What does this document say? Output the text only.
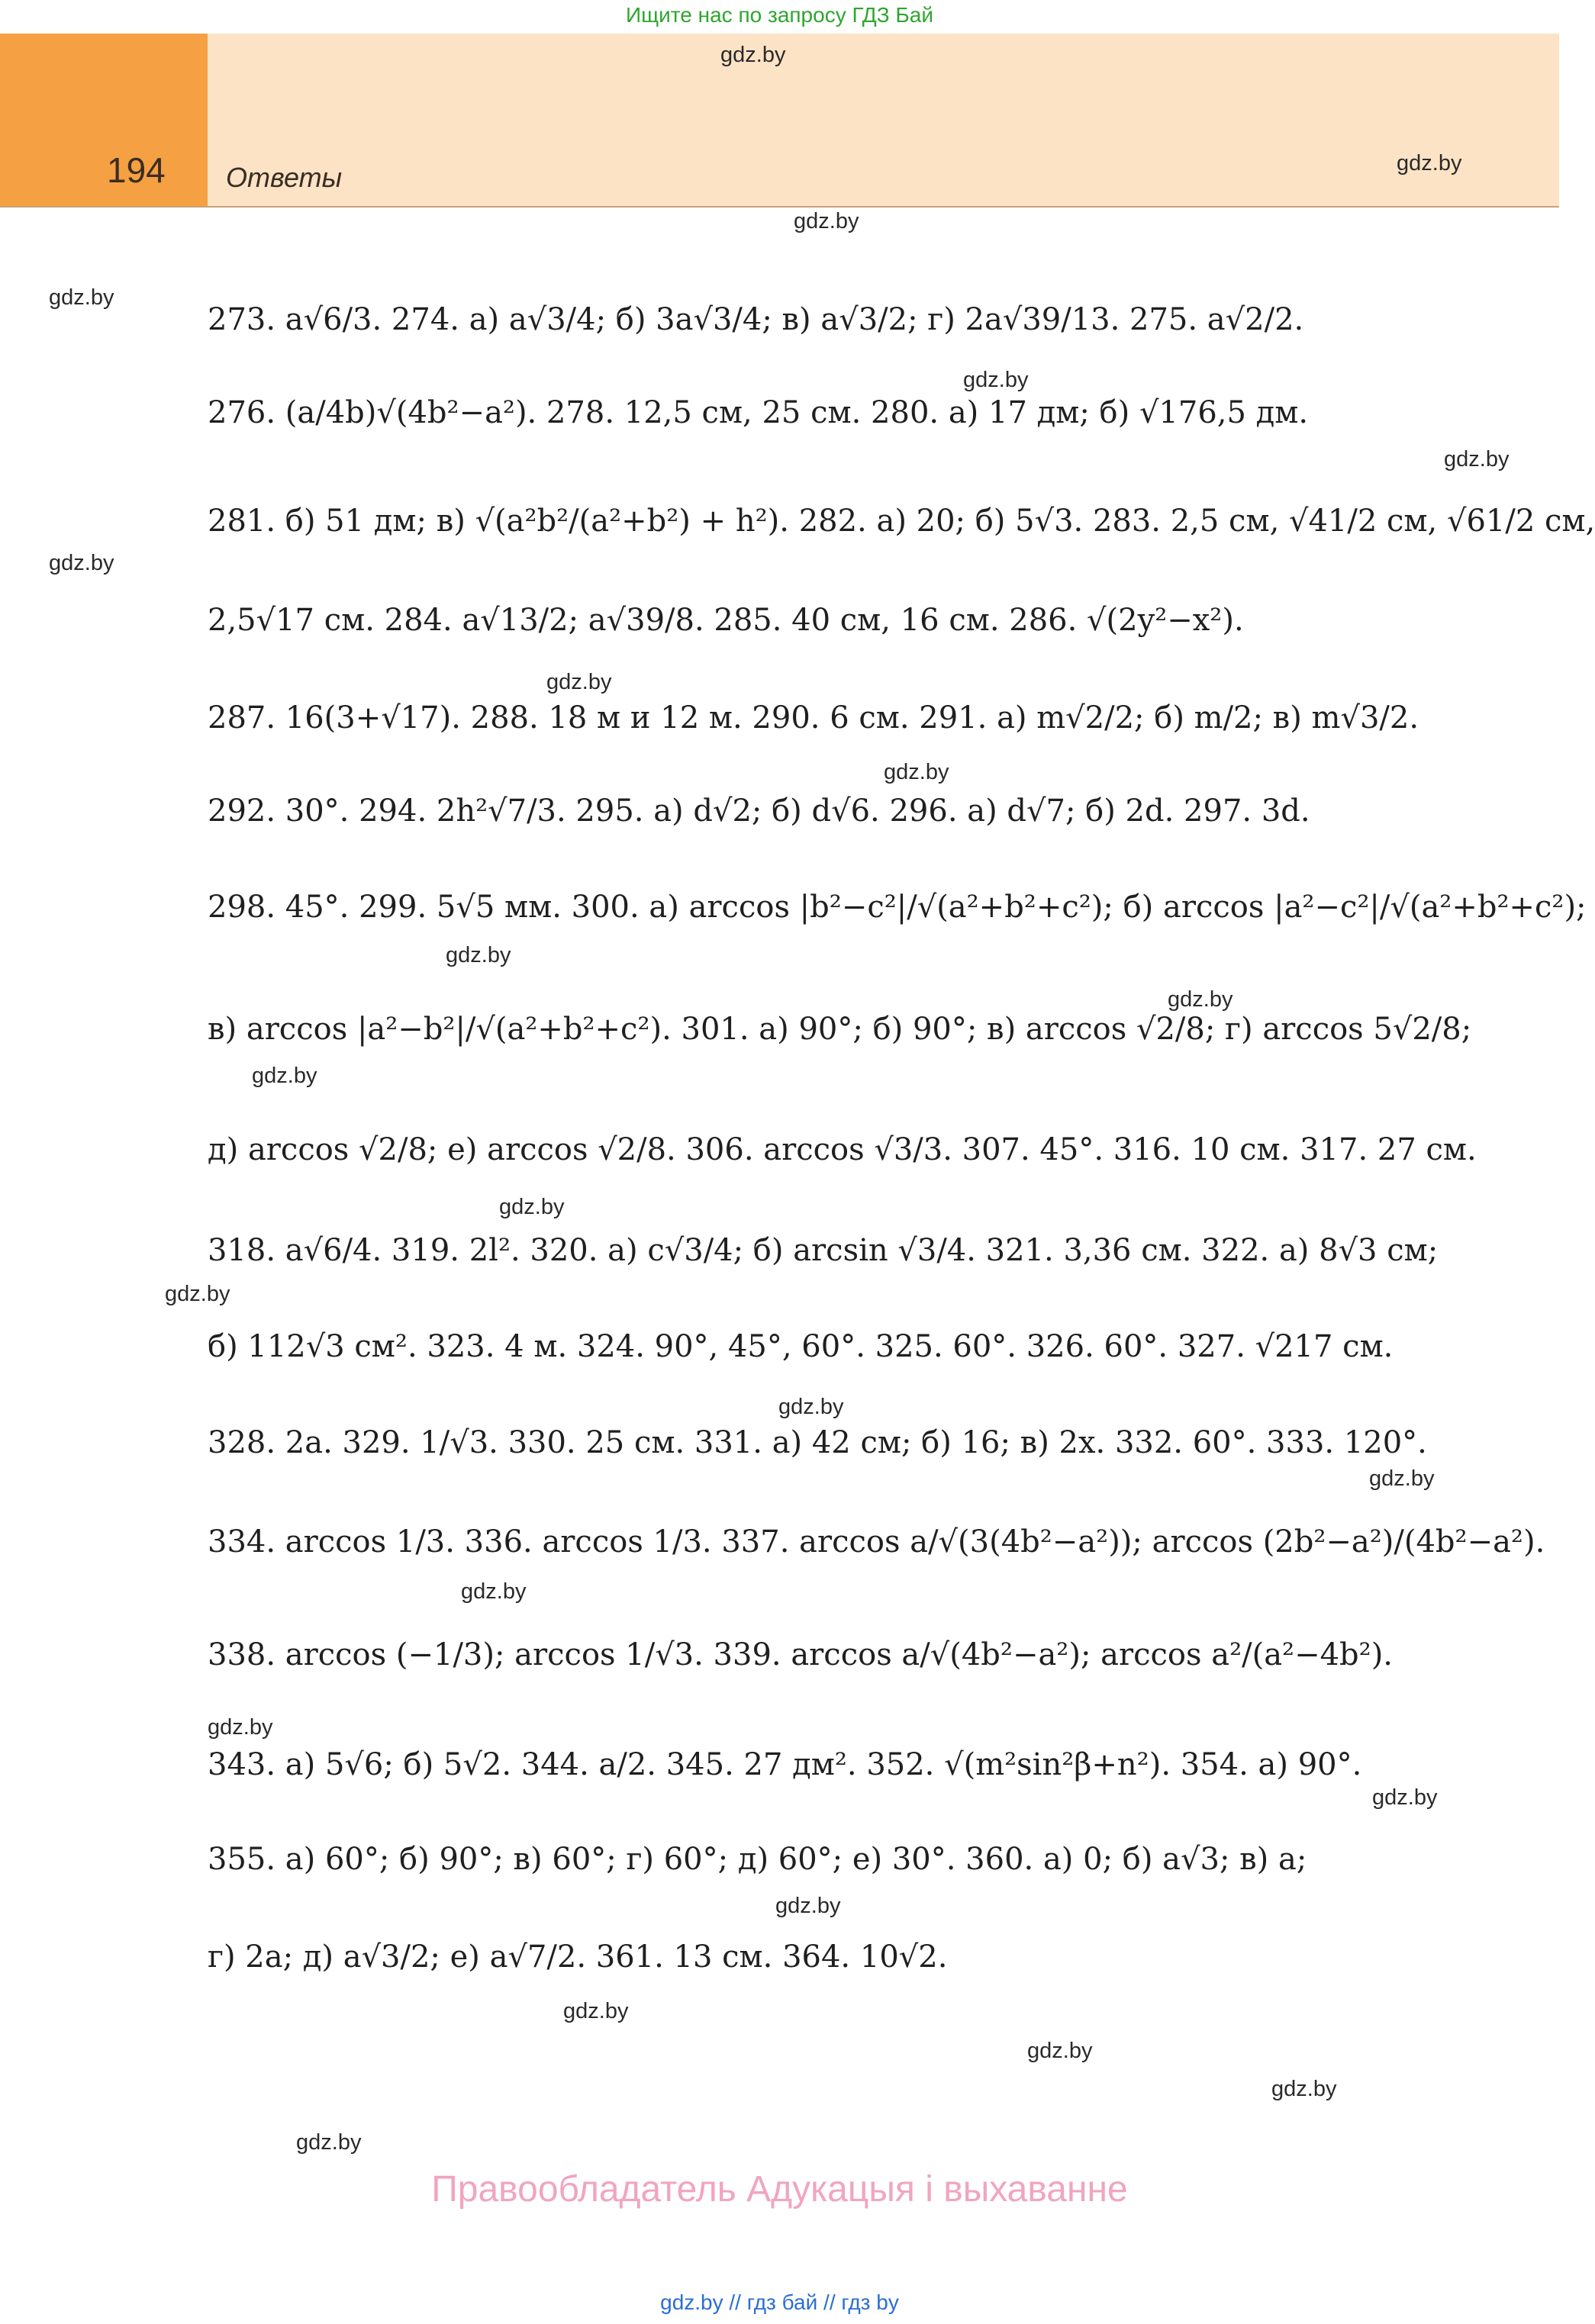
Ищите нас по запросу ГДЗ Бай
194 Ответы
gdz.by
gdz.by
gdz.by
gdz.by
gdz.by
gdz.by
gdz.by
gdz.by
gdz.by
gdz.by
gdz.by
gdz.by
gdz.by
gdz.by
gdz.by
gdz.by
gdz.by
gdz.by
gdz.by
gdz.by
gdz.by
gdz.by
gdz.by
gdz.by
273. a√6/3. 274. а) a√3/4; б) 3a√3/4; в) a√3/2; г) 2a√39/13. 275. a√2/2.
276. (a/4b)√(4b²−a²). 278. 12,5 см, 25 см. 280. а) 17 дм; б) √176,5 дм.
281. б) 51 дм; в) √(a²b²/(a²+b²) + h²). 282. а) 20; б) 5√3. 283. 2,5 см, √41/2 см, √61/2 см,
2,5√17 см. 284. a√13/2; a√39/8. 285. 40 см, 16 см. 286. √(2y²−x²).
287. 16(3+√17). 288. 18 м и 12 м. 290. 6 см. 291. а) m√2/2; б) m/2; в) m√3/2.
292. 30°. 294. 2h²√7/3. 295. а) d√2; б) d√6. 296. а) d√7; б) 2d. 297. 3d.
298. 45°. 299. 5√5 мм. 300. а) arccos |b²−c²|/√(a²+b²+c²); б) arccos |a²−c²|/√(a²+b²+c²);
в) arccos |a²−b²|/√(a²+b²+c²). 301. а) 90°; б) 90°; в) arccos √2/8; г) arccos 5√2/8;
д) arccos √2/8; е) arccos √2/8. 306. arccos √3/3. 307. 45°. 316. 10 см. 317. 27 см.
318. a√6/4. 319. 2l². 320. а) c√3/4; б) arcsin √3/4. 321. 3,36 см. 322. а) 8√3 см;
б) 112√3 см². 323. 4 м. 324. 90°, 45°, 60°. 325. 60°. 326. 60°. 327. √217 см.
328. 2a. 329. 1/√3. 330. 25 см. 331. а) 42 см; б) 16; в) 2x. 332. 60°. 333. 120°.
334. arccos 1/3. 336. arccos 1/3. 337. arccos a/√(3(4b²−a²)); arccos (2b²−a²)/(4b²−a²).
338. arccos (−1/3); arccos 1/√3. 339. arccos a/√(4b²−a²); arccos a²/(a²−4b²).
343. а) 5√6; б) 5√2. 344. a/2. 345. 27 дм². 352. √(m²sin²β+n²). 354. а) 90°.
355. а) 60°; б) 90°; в) 60°; г) 60°; д) 60°; е) 30°. 360. а) 0; б) a√3; в) a;
г) 2a; д) a√3/2; е) a√7/2. 361. 13 см. 364. 10√2.
Правообладатель Адукацыя і выхаванне
gdz.by // гдз бай // гдз by
